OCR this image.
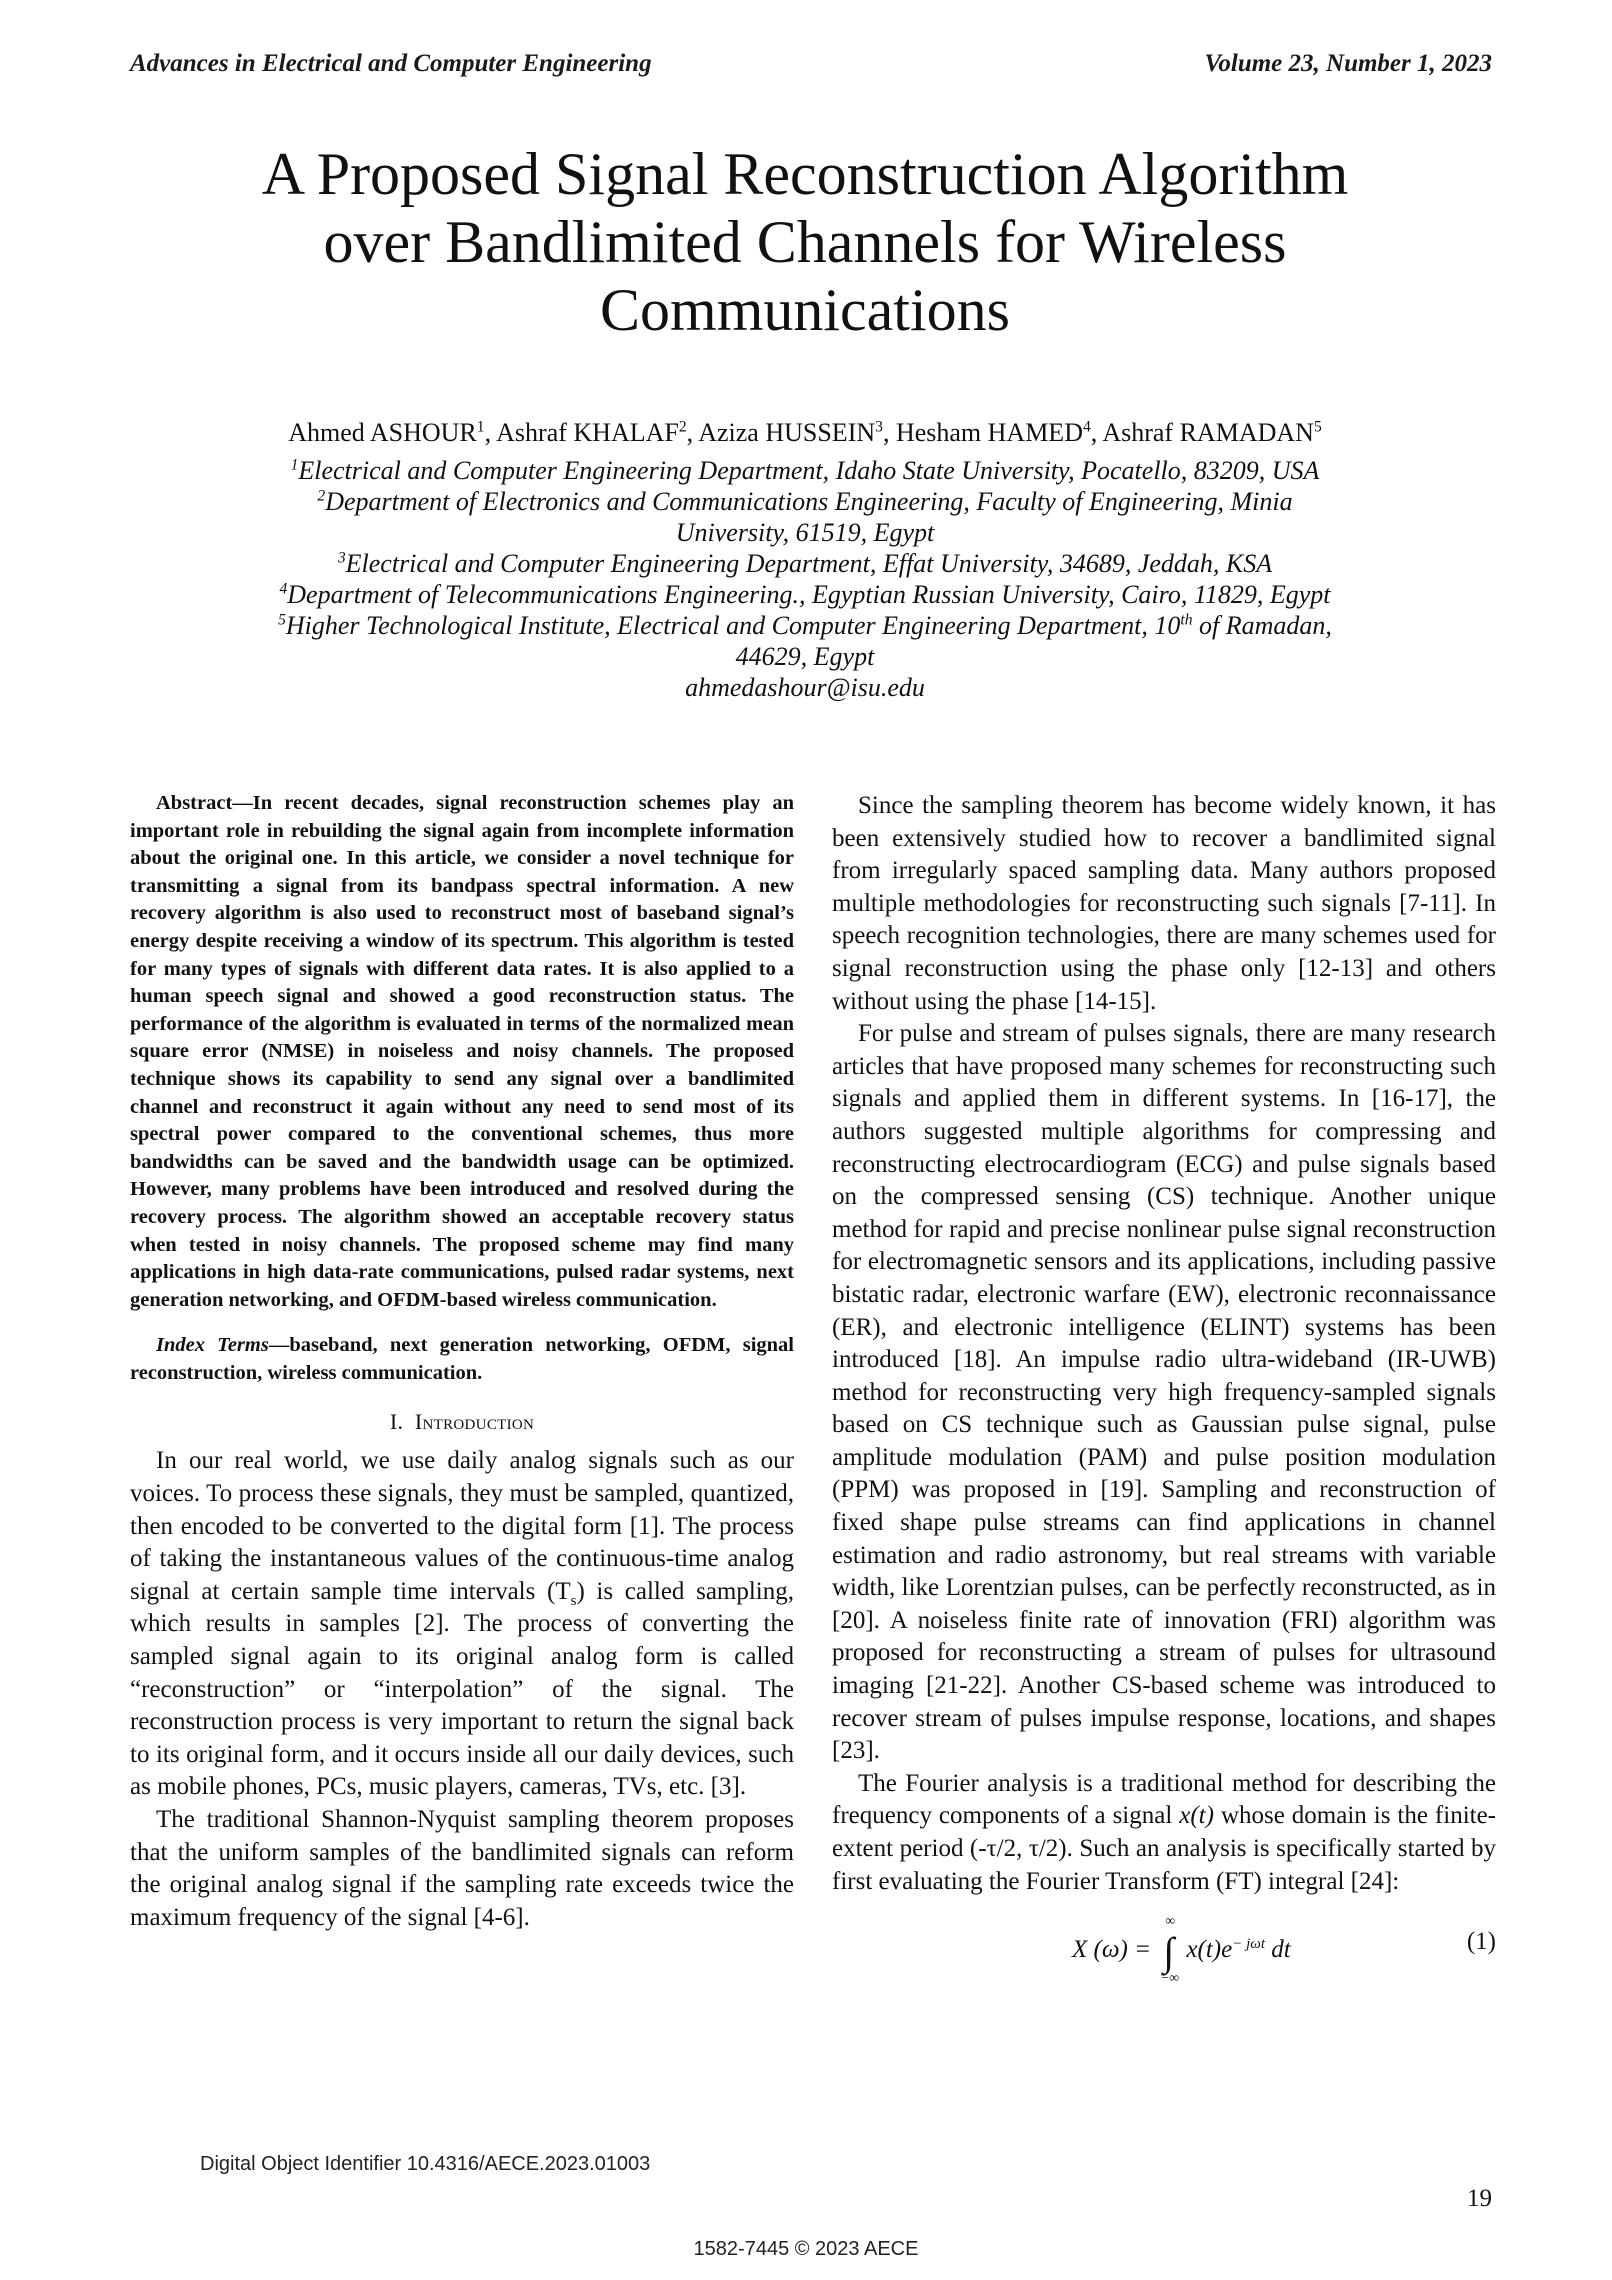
Advances in Electrical and Computer Engineering	Volume 23, Number 1, 2023
A Proposed Signal Reconstruction Algorithm
over Bandlimited Channels for Wireless
Communications
Ahmed ASHOUR$^1$, Ashraf KHALAF$^2$, Aziza HUSSEIN$^3$, Hesham HAMED$^4$, Ashraf RAMADAN$^5$
$^1$Electrical and Computer Engineering Department, Idaho State University, Pocatello, 83209, USA
$^2$Department of Electronics and Communications Engineering, Faculty of Engineering, Minia
University, 61519, Egypt
$^3$Electrical and Computer Engineering Department, Effat University, 34689, Jeddah, KSA
$^4$Department of Telecommunications Engineering., Egyptian Russian University, Cairo, 11829, Egypt
$^5$Higher Technological Institute, Electrical and Computer Engineering Department, 10th of Ramadan,
44629, Egypt
ahmedashour@isu.edu

Abstract—In recent decades, signal reconstruction schemes play an important role in rebuilding the signal again from incomplete information about the original one. In this article, we consider a novel technique for transmitting a signal from its bandpass spectral information. A new recovery algorithm is also used to reconstruct most of baseband signal’s energy despite receiving a window of its spectrum. This algorithm is tested for many types of signals with different data rates. It is also applied to a human speech signal and showed a good reconstruction status. The performance of the algorithm is evaluated in terms of the normalized mean square error (NMSE) in noiseless and noisy channels. The proposed technique shows its capability to send any signal over a bandlimited channel and reconstruct it again without any need to send most of its spectral power compared to the conventional schemes, thus more bandwidths can be saved and the bandwidth usage can be optimized. However, many problems have been introduced and resolved during the recovery process. The algorithm showed an acceptable recovery status when tested in noisy channels. The proposed scheme may find many applications in high data-rate communications, pulsed radar systems, next generation networking, and OFDM-based wireless communication.

Index Terms—baseband, next generation networking, OFDM, signal reconstruction, wireless communication.

I. Introduction

In our real world, we use daily analog signals such as our voices. To process these signals, they must be sampled, quantized, then encoded to be converted to the digital form [1]. The process of taking the instantaneous values of the continuous-time analog signal at certain sample time intervals $(T_s)$ is called sampling, which results in samples [2]. The process of converting the sampled signal again to its original analog form is called “reconstruction” or “interpolation” of the signal. The reconstruction process is very important to return the signal back to its original form, and it occurs inside all our daily devices, such as mobile phones, PCs, music players, cameras, TVs, etc. [3].

The traditional Shannon-Nyquist sampling theorem proposes that the uniform samples of the bandlimited signals can reform the original analog signal if the sampling rate exceeds twice the maximum frequency of the signal [4-6].

Since the sampling theorem has become widely known, it has been extensively studied how to recover a bandlimited signal from irregularly spaced sampling data. Many authors proposed multiple methodologies for reconstructing such signals [7-11]. In speech recognition technologies, there are many schemes used for signal reconstruction using the phase only [12-13] and others without using the phase [14-15].

For pulse and stream of pulses signals, there are many research articles that have proposed many schemes for reconstructing such signals and applied them in different systems. In [16-17], the authors suggested multiple algorithms for compressing and reconstructing electrocardiogram (ECG) and pulse signals based on the compressed sensing (CS) technique. Another unique method for rapid and precise nonlinear pulse signal reconstruction for electromagnetic sensors and its applications, including passive bistatic radar, electronic warfare (EW), electronic reconnaissance (ER), and electronic intelligence (ELINT) systems has been introduced [18]. An impulse radio ultra-wideband (IR-UWB) method for reconstructing very high frequency-sampled signals based on CS technique such as Gaussian pulse signal, pulse amplitude modulation (PAM) and pulse position modulation (PPM) was proposed in [19]. Sampling and reconstruction of fixed shape pulse streams can find applications in channel estimation and radio astronomy, but real streams with variable width, like Lorentzian pulses, can be perfectly reconstructed, as in [20]. A noiseless finite rate of innovation (FRI) algorithm was proposed for reconstructing a stream of pulses for ultrasound imaging [21-22]. Another CS-based scheme was introduced to recover stream of pulses impulse response, locations, and shapes [23].

The Fourier analysis is a traditional method for describing the frequency components of a signal x(t) whose domain is the finite-extent period (-τ/2, τ/2). Such an analysis is specifically started by first evaluating the Fourier Transform (FT) integral [24]:

X (ω) = ∫
∞
−∞
$x(t)e^{- j\omega t}$ dt	(1)
Digital Object Identifier 10.4316/AECE.2023.01003
19
1582-7445 © 2023 AECE
